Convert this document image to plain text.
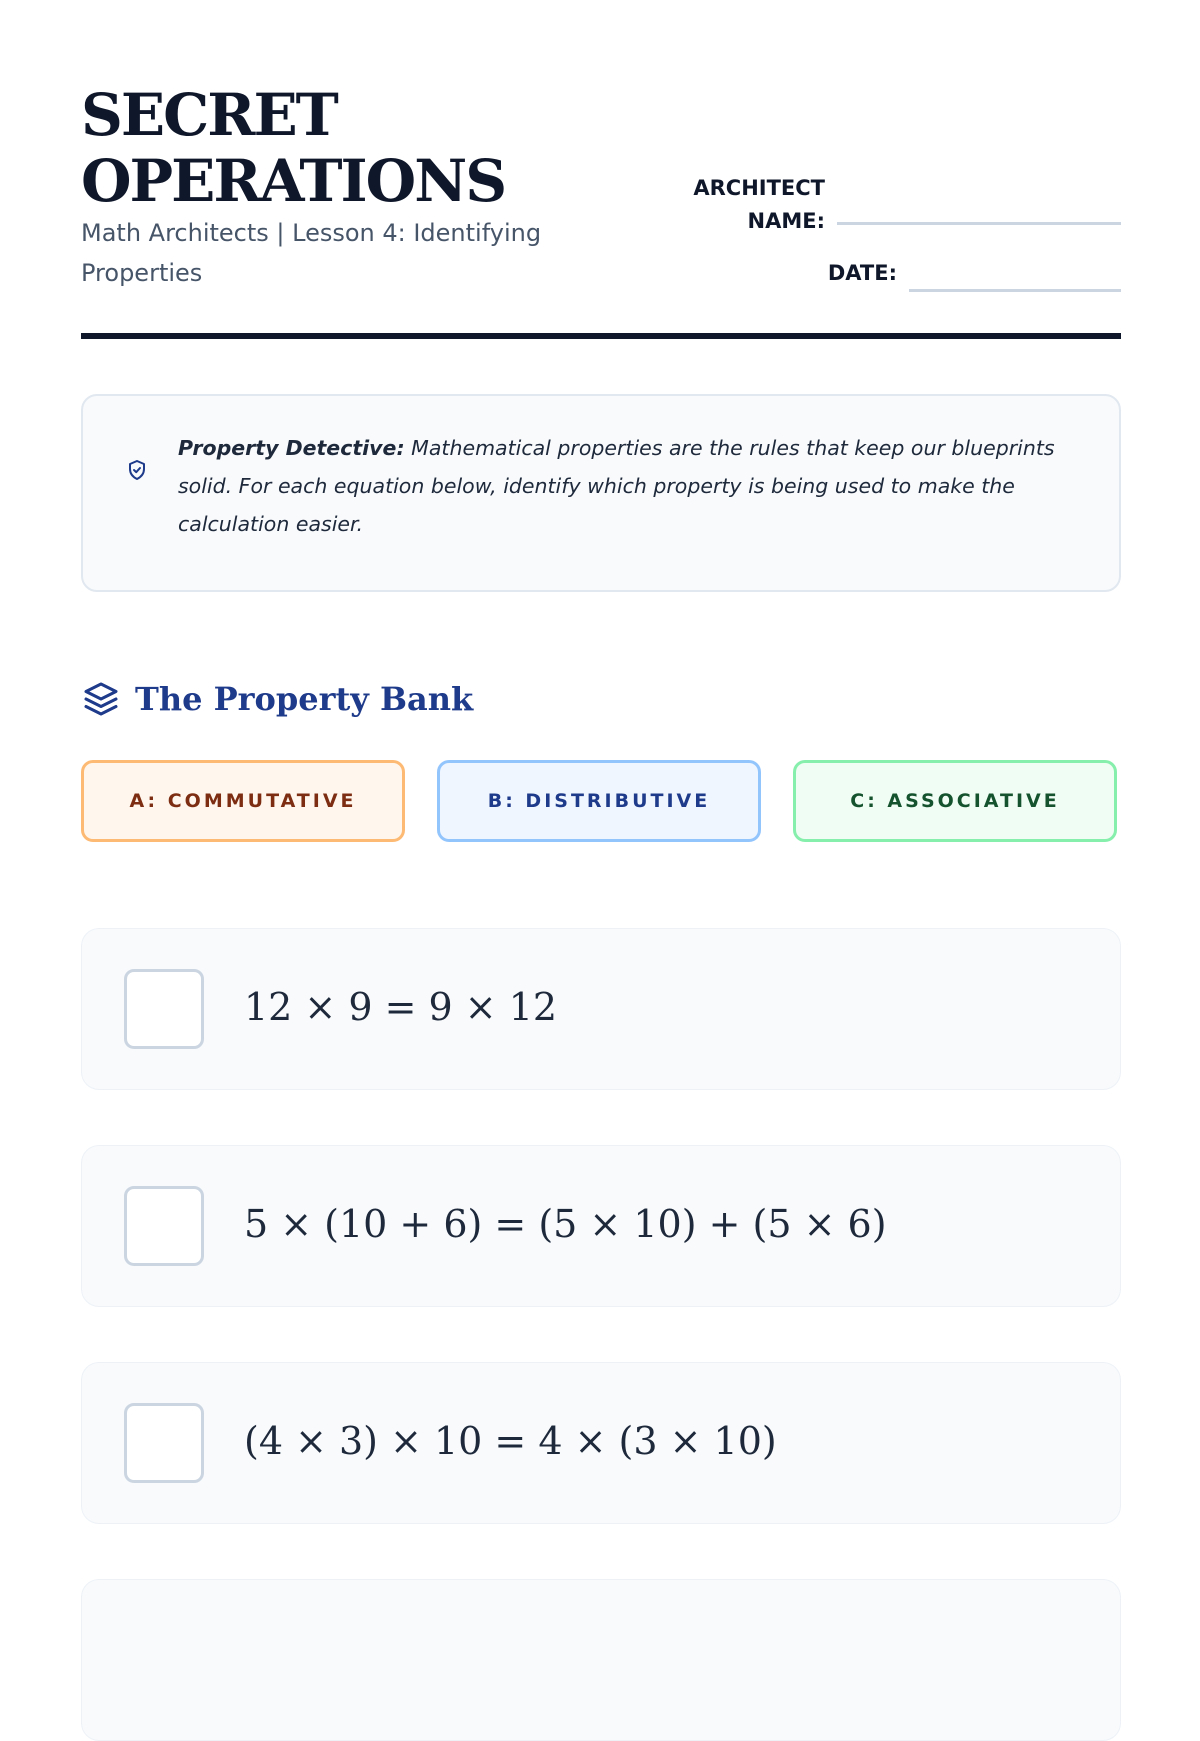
SECRET
OPERATIONS
Math Architects | Lesson 4: Identifying Properties
ARCHITECT
NAME:
DATE:
Property Detective: Mathematical properties are the rules that keep our blueprints solid. For each equation below, identify which property is being used to make the calculation easier.
The Property Bank
A: COMMUTATIVE	B: DISTRIBUTIVE	C: ASSOCIATIVE
12 × 9 = 9 × 12
5 × (10 + 6) = (5 × 10) + (5 × 6)
(4 × 3) × 10 = 4 × (3 × 10)
